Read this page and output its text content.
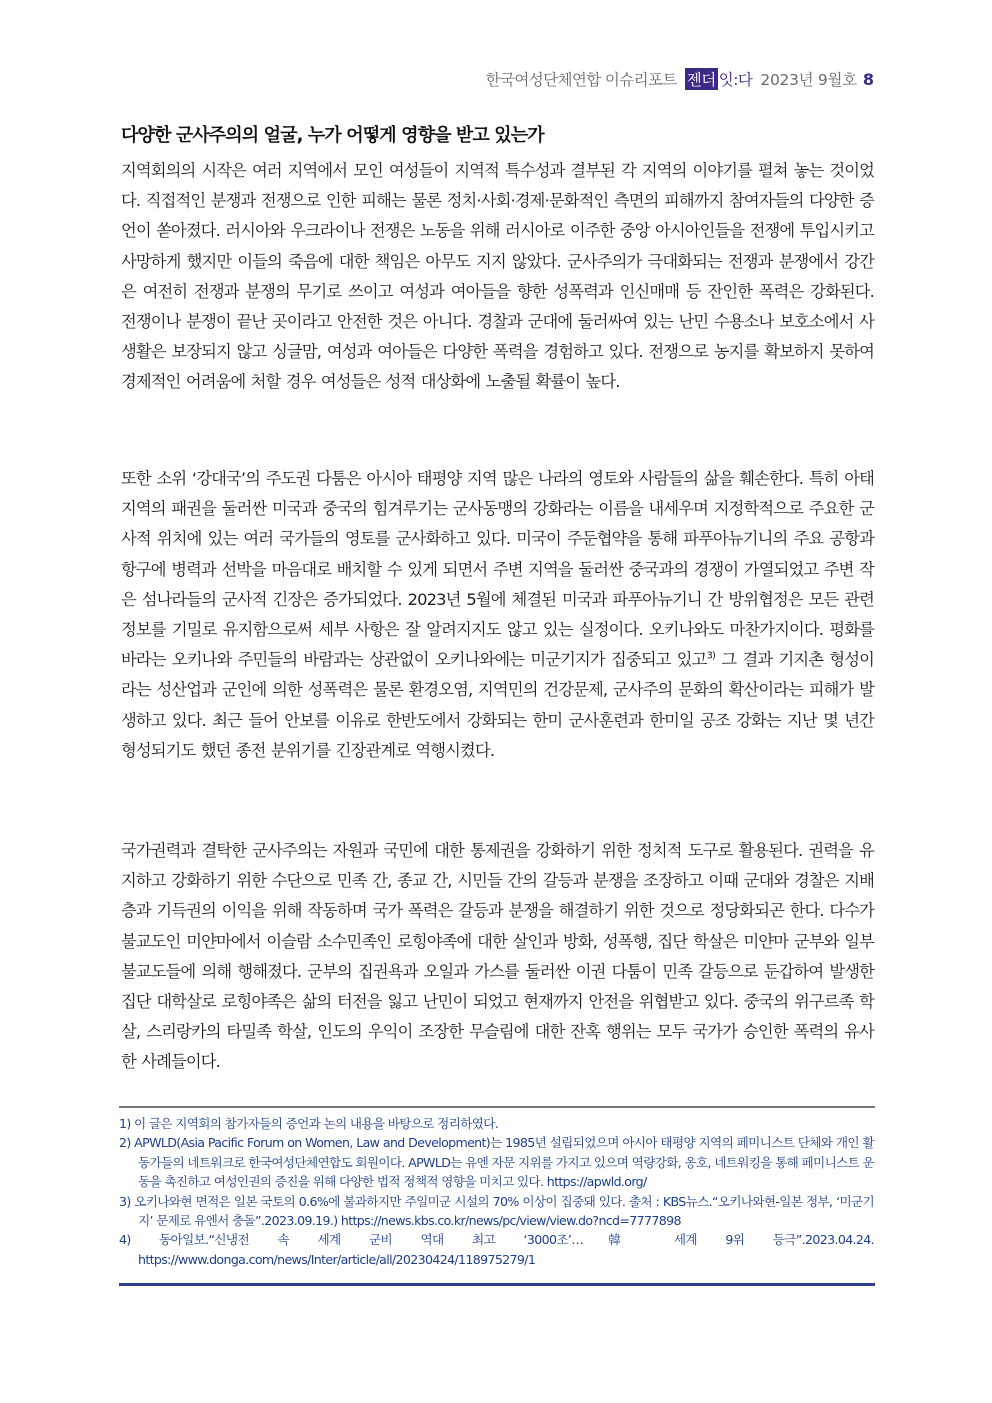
한국여성단체연합 이슈리포트 젠더 잇:다 2023년 9월호 8
다양한 군사주의의 얼굴, 누가 어떻게 영향을 받고 있는가
지역회의의 시작은 여러 지역에서 모인 여성들이 지역적 특수성과 결부된 각 지역의 이야기를 펼쳐 놓는 것이었다. 직접적인 분쟁과 전쟁으로 인한 피해는 물론 정치·사회·경제·문화적인 측면의 피해까지 참여자들의 다양한 증언이 쏟아졌다. 러시아와 우크라이나 전쟁은 노동을 위해 러시아로 이주한 중앙 아시아인들을 전쟁에 투입시키고 사망하게 했지만 이들의 죽음에 대한 책임은 아무도 지지 않았다. 군사주의가 극대화되는 전쟁과 분쟁에서 강간은 여전히 전쟁과 분쟁의 무기로 쓰이고 여성과 여아들을 향한 성폭력과 인신매매 등 잔인한 폭력은 강화된다. 전쟁이나 분쟁이 끝난 곳이라고 안전한 것은 아니다. 경찰과 군대에 둘러싸여 있는 난민 수용소나 보호소에서 사생활은 보장되지 않고 싱글맘, 여성과 여아들은 다양한 폭력을 경험하고 있다. 전쟁으로 농지를 확보하지 못하여 경제적인 어려움에 처할 경우 여성들은 성적 대상화에 노출될 확률이 높다.
또한 소위 ‘강대국’의 주도권 다툼은 아시아 태평양 지역 많은 나라의 영토와 사람들의 삶을 훼손한다. 특히 아태지역의 패권을 둘러싼 미국과 중국의 힘겨루기는 군사동맹의 강화라는 이름을 내세우며 지정학적으로 주요한 군사적 위치에 있는 여러 국가들의 영토를 군사화하고 있다. 미국이 주둔협약을 통해 파푸아뉴기니의 주요 공항과 항구에 병력과 선박을 마음대로 배치할 수 있게 되면서 주변 지역을 둘러싼 중국과의 경쟁이 가열되었고 주변 작은 섬나라들의 군사적 긴장은 증가되었다. 2023년 5월에 체결된 미국과 파푸아뉴기니 간 방위협정은 모든 관련 정보를 기밀로 유지함으로써 세부 사항은 잘 알려지지도 않고 있는 실정이다. 오키나와도 마찬가지이다. 평화를 바라는 오키나와 주민들의 바람과는 상관없이 오키나와에는 미군기지가 집중되고 있고$^{3)}$ 그 결과 기지촌 형성이라는 성산업과 군인에 의한 성폭력은 물론 환경오염, 지역민의 건강문제, 군사주의 문화의 확산이라는 피해가 발생하고 있다. 최근 들어 안보를 이유로 한반도에서 강화되는 한미 군사훈련과 한미일 공조 강화는 지난 몇 년간 형성되기도 했던 종전 분위기를 긴장관계로 역행시켰다.
국가권력과 결탁한 군사주의는 자원과 국민에 대한 통제권을 강화하기 위한 정치적 도구로 활용된다. 권력을 유지하고 강화하기 위한 수단으로 민족 간, 종교 간, 시민들 간의 갈등과 분쟁을 조장하고 이때 군대와 경찰은 지배층과 기득권의 이익을 위해 작동하며 국가 폭력은 갈등과 분쟁을 해결하기 위한 것으로 정당화되곤 한다. 다수가 불교도인 미얀마에서 이슬람 소수민족인 로힝야족에 대한 살인과 방화, 성폭행, 집단 학살은 미얀마 군부와 일부 불교도들에 의해 행해졌다. 군부의 집권욕과 오일과 가스를 둘러싼 이권 다툼이 민족 갈등으로 둔갑하여 발생한 집단 대학살로 로힝야족은 삶의 터전을 잃고 난민이 되었고 현재까지 안전을 위협받고 있다. 중국의 위구르족 학살, 스리랑카의 타밀족 학살, 인도의 우익이 조장한 무슬림에 대한 잔혹 행위는 모두 국가가 승인한 폭력의 유사한 사례들이다.
1) 이 글은 지역회의 참가자들의 증언과 논의 내용을 바탕으로 정리하였다.
2) APWLD(Asia Pacific Forum on Women, Law and Development)는 1985년 설립되었으며 아시아 태평양 지역의 페미니스트 단체와 개인 활동가들의 네트워크로 한국여성단체연합도 회원이다. APWLD는 유엔 자문 지위를 가지고 있으며 역량강화, 옹호, 네트워킹을 통해 페미니스트 운동을 촉진하고 여성인권의 증진을 위해 다양한 법적 정책적 영향을 미치고 있다. https://apwld.org/
3) 오키나와현 면적은 일본 국토의 0.6%에 불과하지만 주일미군 시설의 70% 이상이 집중돼 있다. 출처 : KBS뉴스.“오키나와현-일본 정부, ‘미군기지’ 문제로 유엔서 충돌”.2023.09.19.) https://news.kbs.co.kr/news/pc/view/view.do?ncd=7777898
4) 동아일보.“신냉전 속 세계 군비 역대 최고 ‘3000조’…韓 세계 9위 등극”.2023.04.24. https://www.donga.com/news/Inter/article/all/20230424/118975279/1
